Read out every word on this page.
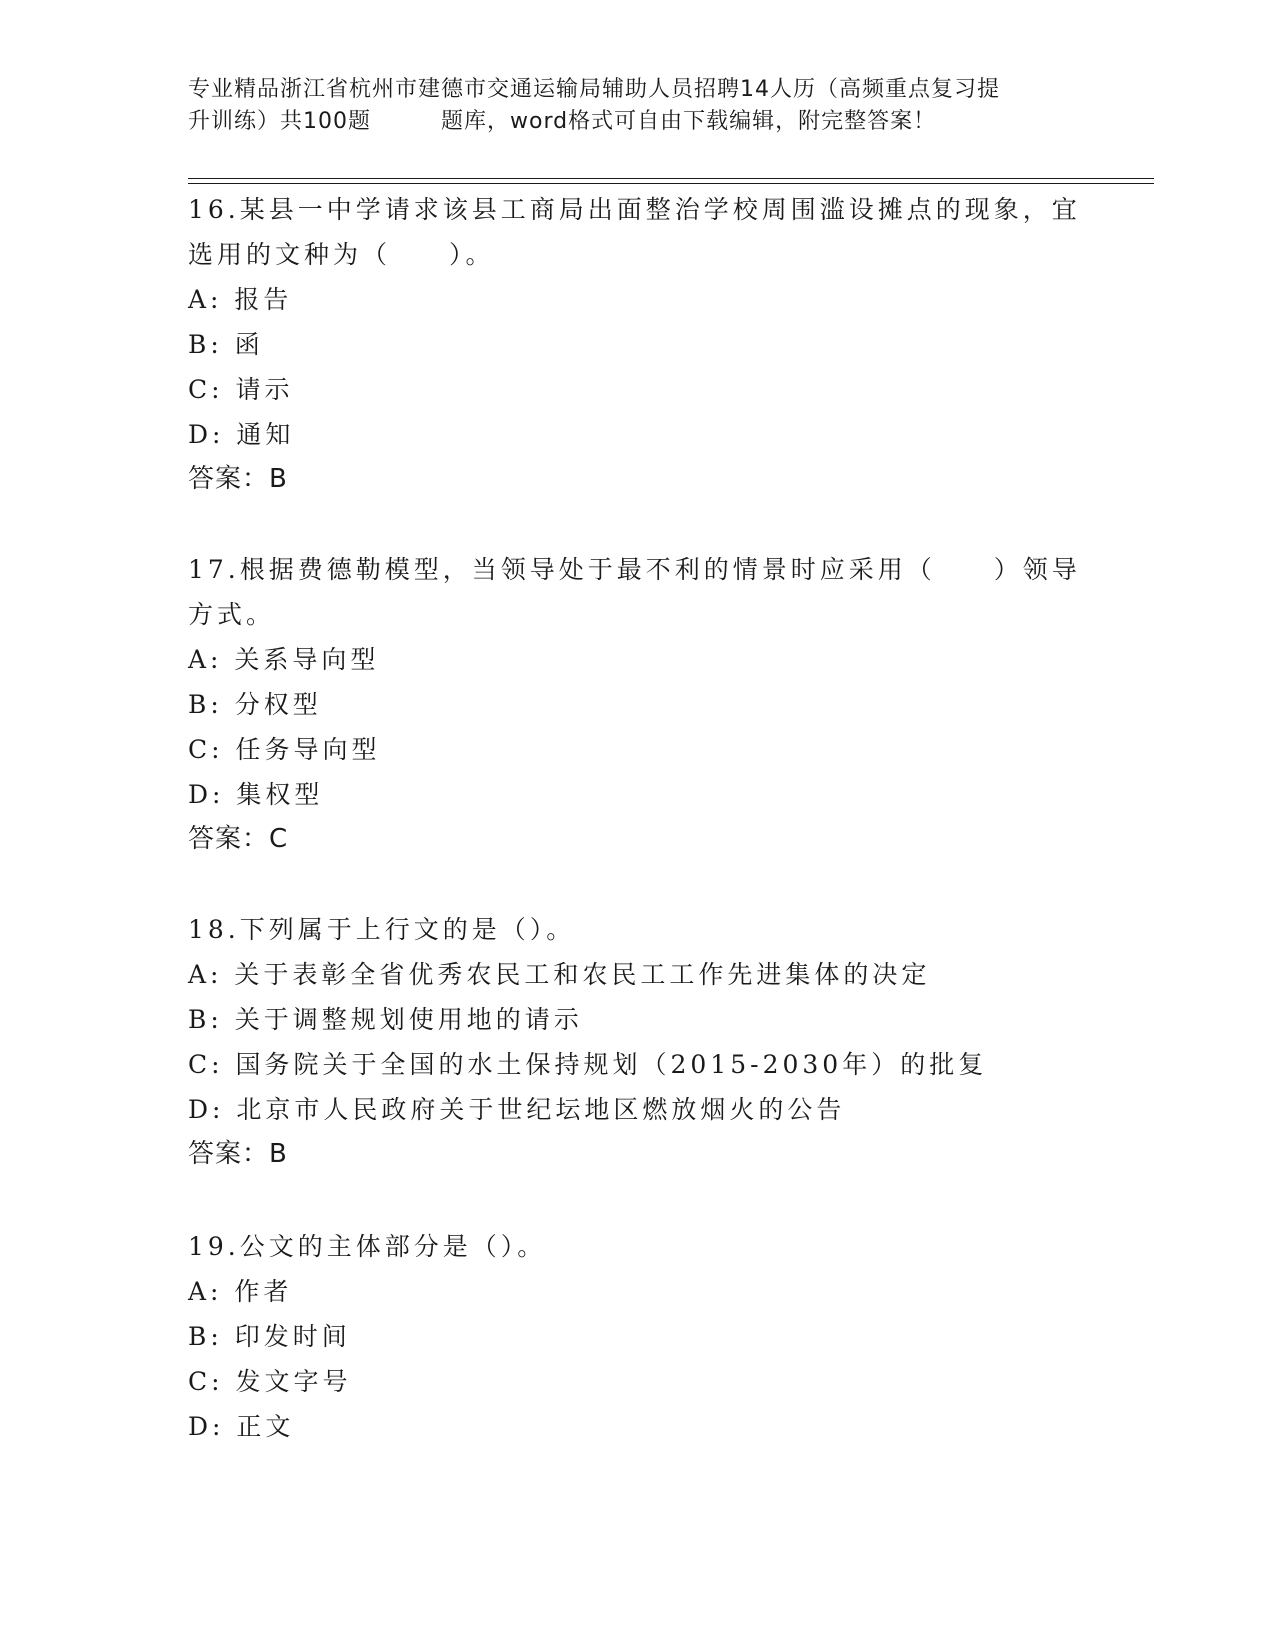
专业精品浙江省杭州市建德市交通运输局辅助人员招聘14人历（高频重点复习提
升训练）共100题	题库，word格式可自由下载编辑，附完整答案！
16.某县一中学请求该县工商局出面整治学校周围滥设摊点的现象，宜
选用的文种为（　　）。
A: 报告
B: 函
C: 请示
D: 通知
答案：B
17.根据费德勒模型，当领导处于最不利的情景时应采用（　　）领导
方式。
A: 关系导向型
B: 分权型
C: 任务导向型
D: 集权型
答案：C
18.下列属于上行文的是（）。
A: 关于表彰全省优秀农民工和农民工工作先进集体的决定
B: 关于调整规划使用地的请示
C: 国务院关于全国的水土保持规划（2015-2030年）的批复
D: 北京市人民政府关于世纪坛地区燃放烟火的公告
答案：B
19.公文的主体部分是（）。
A: 作者
B: 印发时间
C: 发文字号
D: 正文
